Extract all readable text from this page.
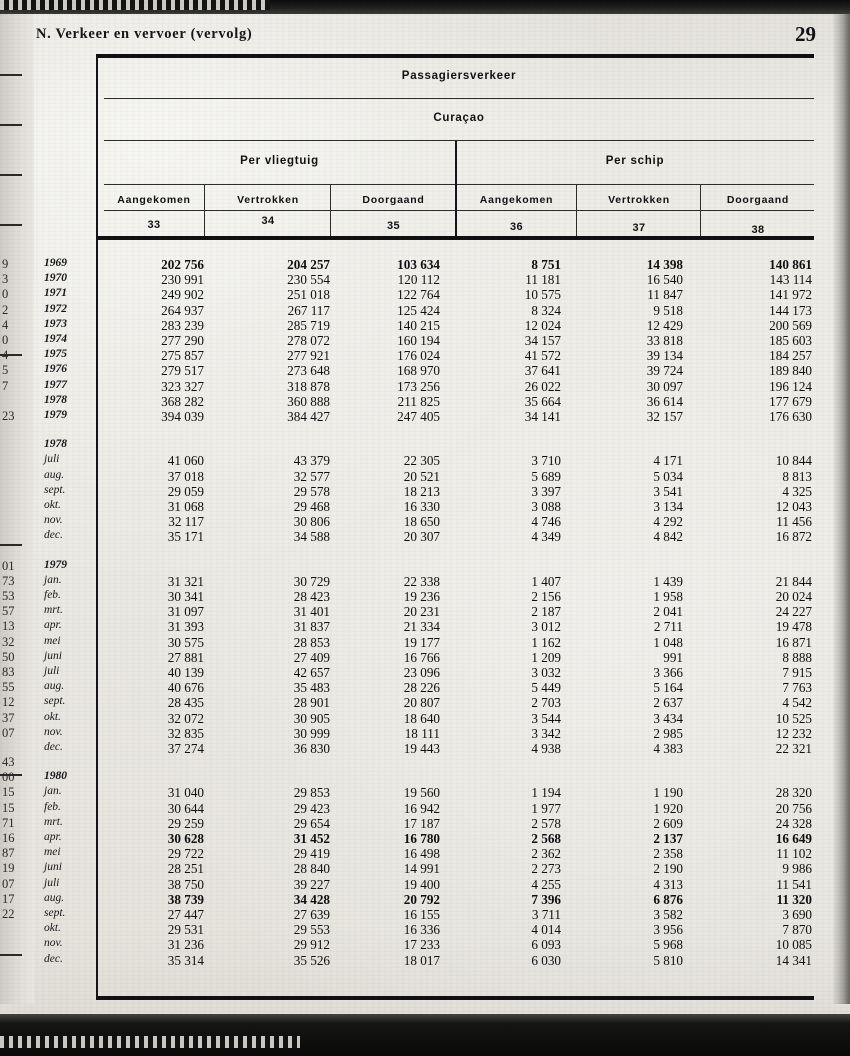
N. Verkeer en vervoer (vervolg)	29
9
3
0
2
4
0
4
5
7
23
01
73
53
57
13
32
50
83
55
12
37
07
43
00
15
15
71
16
87
19
07
17
22
Passagiersverkeer
Curaçao
Per vliegtuig	Per schip
Aangekomen	Vertrokken	Doorgaand	Aangekomen	Vertrokken	Doorgaand
33	34	35	36	37	38
1969	202 756	204 257	103 634	8 751	14 398	140 861
1970	230 991	230 554	120 112	11 181	16 540	143 114
1971	249 902	251 018	122 764	10 575	11 847	141 972
1972	264 937	267 117	125 424	8 324	9 518	144 173
1973	283 239	285 719	140 215	12 024	12 429	200 569
1974	277 290	278 072	160 194	34 157	33 818	185 603
1975	275 857	277 921	176 024	41 572	39 134	184 257
1976	279 517	273 648	168 970	37 641	39 724	189 840
1977	323 327	318 878	173 256	26 022	30 097	196 124
1978	368 282	360 888	211 825	35 664	36 614	177 679
1979	394 039	384 427	247 405	34 141	32 157	176 630
1978
juli	41 060	43 379	22 305	3 710	4 171	10 844
aug.	37 018	32 577	20 521	5 689	5 034	8 813
sept.	29 059	29 578	18 213	3 397	3 541	4 325
okt.	31 068	29 468	16 330	3 088	3 134	12 043
nov.	32 117	30 806	18 650	4 746	4 292	11 456
dec.	35 171	34 588	20 307	4 349	4 842	16 872
1979
jan.	31 321	30 729	22 338	1 407	1 439	21 844
feb.	30 341	28 423	19 236	2 156	1 958	20 024
mrt.	31 097	31 401	20 231	2 187	2 041	24 227
apr.	31 393	31 837	21 334	3 012	2 711	19 478
mei	30 575	28 853	19 177	1 162	1 048	16 871
juni	27 881	27 409	16 766	1 209	991	8 888
juli	40 139	42 657	23 096	3 032	3 366	7 915
aug.	40 676	35 483	28 226	5 449	5 164	7 763
sept.	28 435	28 901	20 807	2 703	2 637	4 542
okt.	32 072	30 905	18 640	3 544	3 434	10 525
nov.	32 835	30 999	18 111	3 342	2 985	12 232
dec.	37 274	36 830	19 443	4 938	4 383	22 321
1980
jan.	31 040	29 853	19 560	1 194	1 190	28 320
feb.	30 644	29 423	16 942	1 977	1 920	20 756
mrt.	29 259	29 654	17 187	2 578	2 609	24 328
apr.	30 628	31 452	16 780	2 568	2 137	16 649
mei	29 722	29 419	16 498	2 362	2 358	11 102
juni	28 251	28 840	14 991	2 273	2 190	9 986
juli	38 750	39 227	19 400	4 255	4 313	11 541
aug.	38 739	34 428	20 792	7 396	6 876	11 320
sept.	27 447	27 639	16 155	3 711	3 582	3 690
okt.	29 531	29 553	16 336	4 014	3 956	7 870
nov.	31 236	29 912	17 233	6 093	5 968	10 085
dec.	35 314	35 526	18 017	6 030	5 810	14 341
